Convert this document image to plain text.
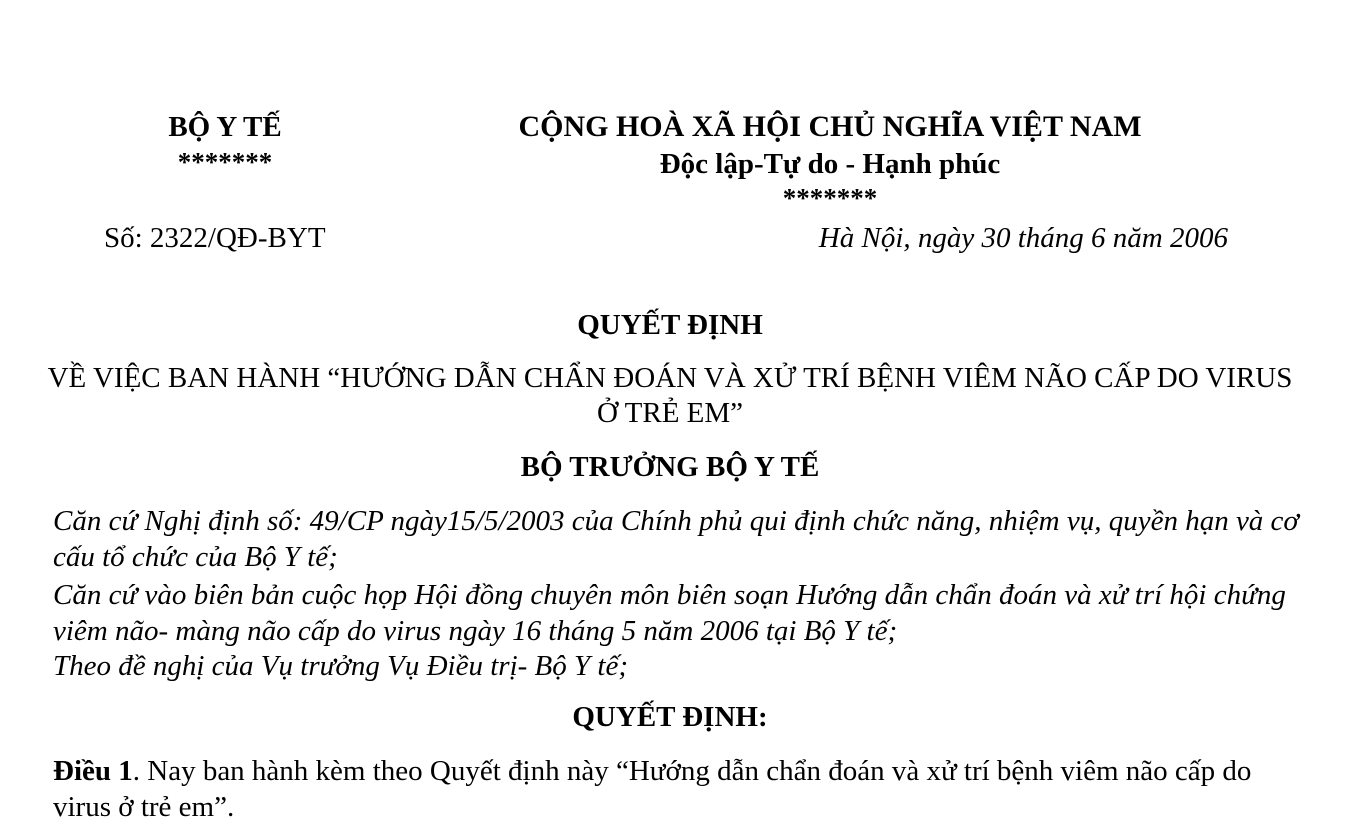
BỘ Y TẾ
*******
CỘNG HOÀ XÃ HỘI CHỦ NGHĨA VIỆT NAM
Độc lập-Tự do - Hạnh phúc
*******
Số: 2322/QĐ-BYT	Hà Nội, ngày 30 tháng 6 năm 2006
QUYẾT ĐỊNH
VỀ VIỆC BAN HÀNH “HƯỚNG DẪN CHẨN ĐOÁN VÀ XỬ TRÍ BỆNH VIÊM NÃO CẤP DO VIRUS Ở TRẺ EM”
BỘ TRƯỞNG BỘ Y TẾ
Căn cứ Nghị định số: 49/CP ngày15/5/2003 của Chính phủ qui định chức năng, nhiệm vụ, quyền hạn và cơ cấu tổ chức của Bộ Y tế;
Căn cứ vào biên bản cuộc họp Hội đồng chuyên môn biên soạn Hướng dẫn chẩn đoán và xử trí hội chứng viêm não- màng não cấp do virus ngày 16 tháng 5 năm 2006 tại Bộ Y tế;
Theo đề nghị của Vụ trưởng Vụ Điều trị- Bộ Y tế;
QUYẾT ĐỊNH:
Điều 1. Nay ban hành kèm theo Quyết định này “Hướng dẫn chẩn đoán và xử trí bệnh viêm não cấp do virus ở trẻ em”.
